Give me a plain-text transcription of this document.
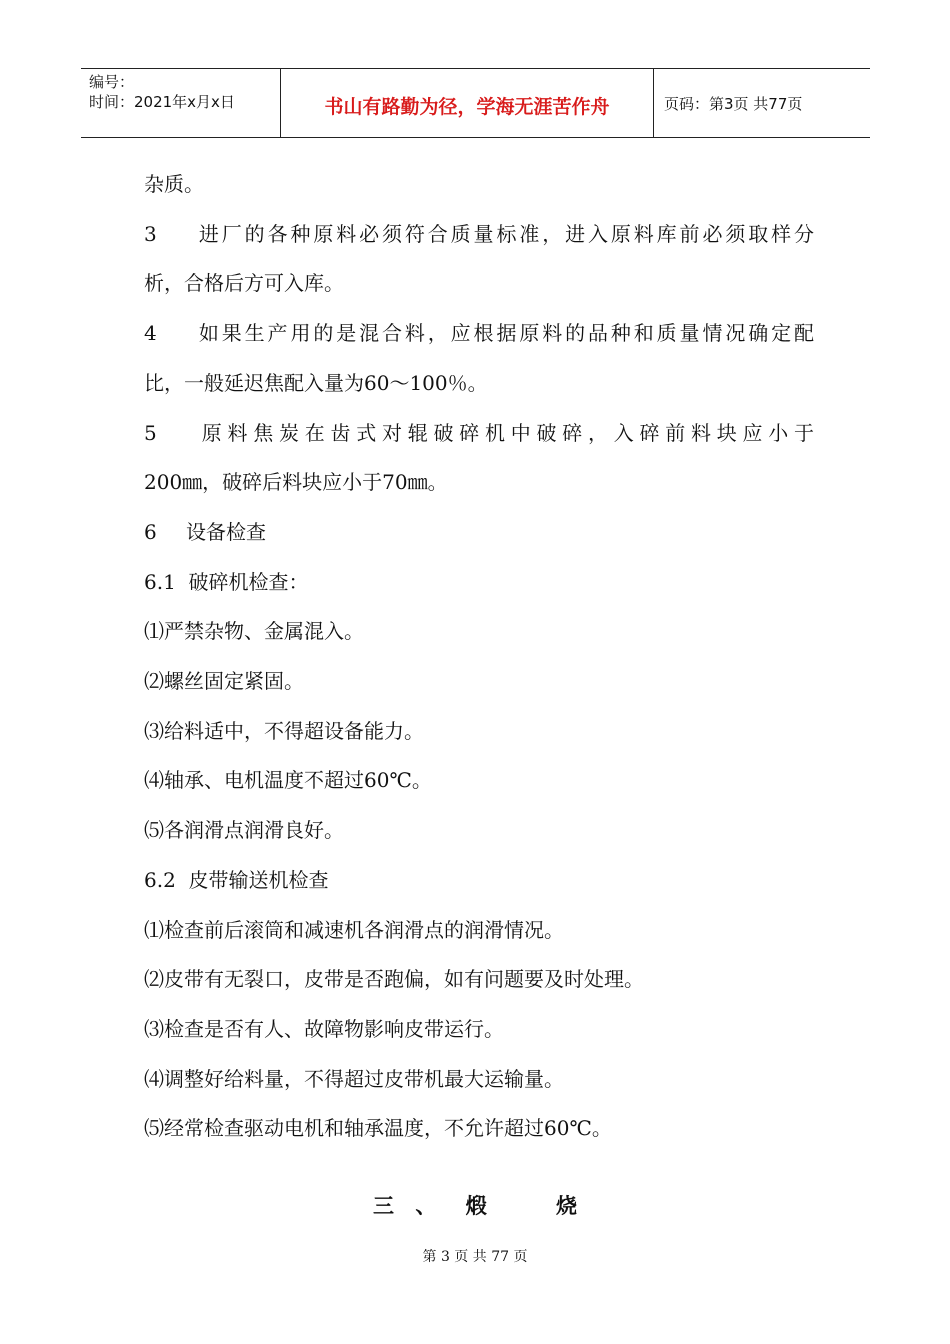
编号：
时间：2021年x月x日	书山有路勤为径，学海无涯苦作舟	页码：第3页 共77页
杂质。
3 进厂的各种原料必须符合质量标准，进入原料库前必须取样分
析，合格后方可入库。
4 如果生产用的是混合料，应根据原料的品种和质量情况确定配
比，一般延迟焦配入量为60～100％。
5 原料焦炭在齿式对辊破碎机中破碎，入碎前料块应小于
200㎜，破碎后料块应小于70㎜。
6 设备检查
6.1  破碎机检查：
⑴严禁杂物、金属混入。
⑵螺丝固定紧固。
⑶给料适中，不得超设备能力。
⑷轴承、电机温度不超过60℃。
⑸各润滑点润滑良好。
6.2  皮带输送机检查
⑴检查前后滚筒和减速机各润滑点的润滑情况。
⑵皮带有无裂口，皮带是否跑偏，如有问题要及时处理。
⑶检查是否有人、故障物影响皮带运行。
⑷调整好给料量，不得超过皮带机最大运输量。
⑸经常检查驱动电机和轴承温度，不允许超过60℃。
三 、 煅	烧
第 3 页 共 77 页
